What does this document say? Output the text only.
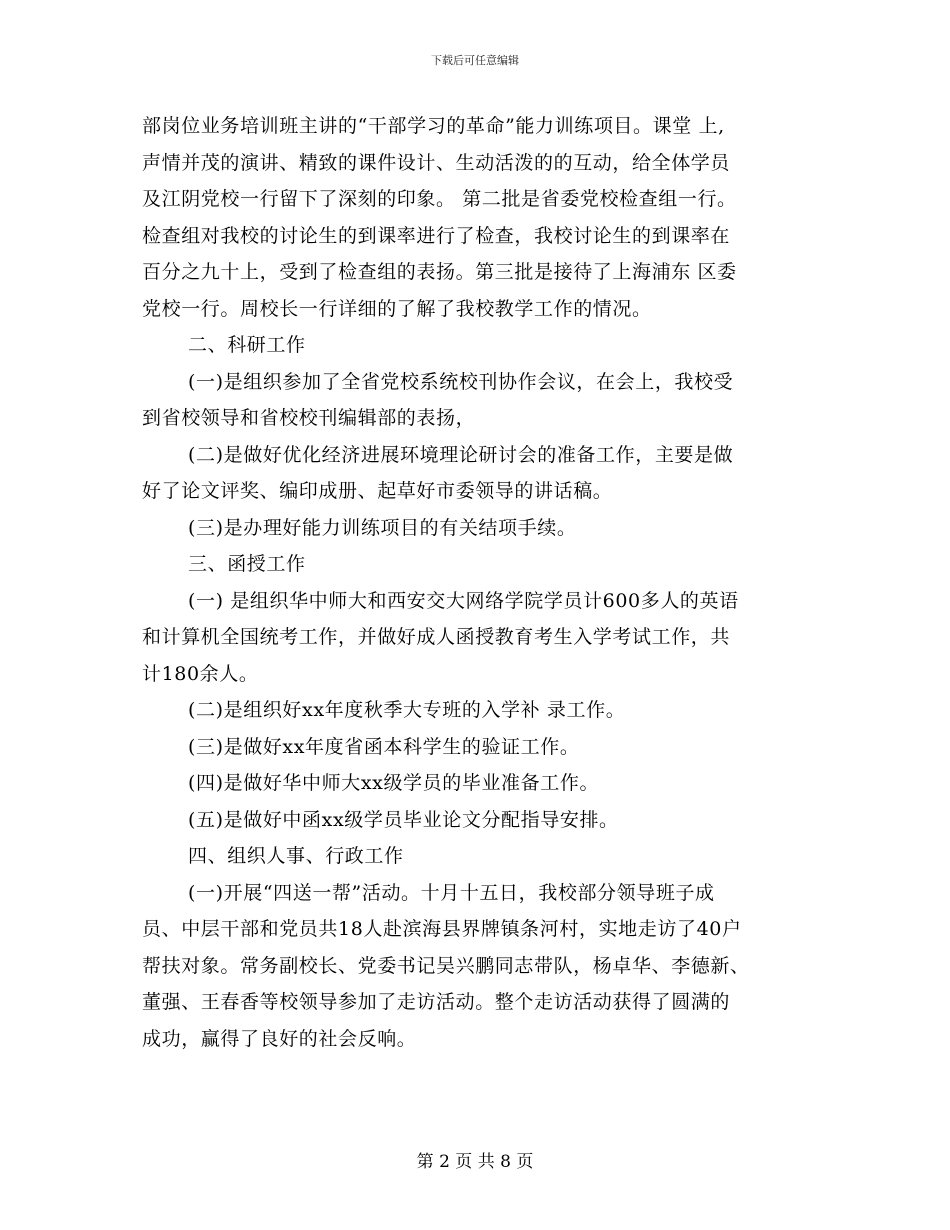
下载后可任意编辑
部岗位业务培训班主讲的“干部学习的革命”能力训练项目。课堂 上,
声情并茂的演讲、精致的课件设计、生动活泼的的互动，给全体学员
及江阴党校一行留下了深刻的印象。 第二批是省委党校检查组一行。
检查组对我校的讨论生的到课率进行了检查，我校讨论生的到课率在
百分之九十上，受到了检查组的表扬。第三批是接待了上海浦东 区委
党校一行。周校长一行详细的了解了我校教学工作的情况。
二、科研工作
(一)是组织参加了全省党校系统校刊协作会议，在会上，我校受
到省校领导和省校校刊编辑部的表扬，
(二)是做好优化经济进展环境理论研讨会的准备工作，主要是做
好了论文评奖、编印成册、起草好市委领导的讲话稿。
(三)是办理好能力训练项目的有关结项手续。
三、函授工作
(一) 是组织华中师大和西安交大网络学院学员计600多人的英语
和计算机全国统考工作，并做好成人函授教育考生入学考试工作，共
计180余人。
(二)是组织好xx年度秋季大专班的入学补 录工作。
(三)是做好xx年度省函本科学生的验证工作。
(四)是做好华中师大xx级学员的毕业准备工作。
(五)是做好中函xx级学员毕业论文分配指导安排。
四、组织人事、行政工作
(一)开展“四送一帮”活动。十月十五日，我校部分领导班子成
员、中层干部和党员共18人赴滨海县界牌镇条河村，实地走访了40户
帮扶对象。常务副校长、党委书记吴兴鹏同志带队，杨卓华、李德新、
董强、王春香等校领导参加了走访活动。整个走访活动获得了圆满的
成功，赢得了良好的社会反响。
第 2 页 共 8 页
